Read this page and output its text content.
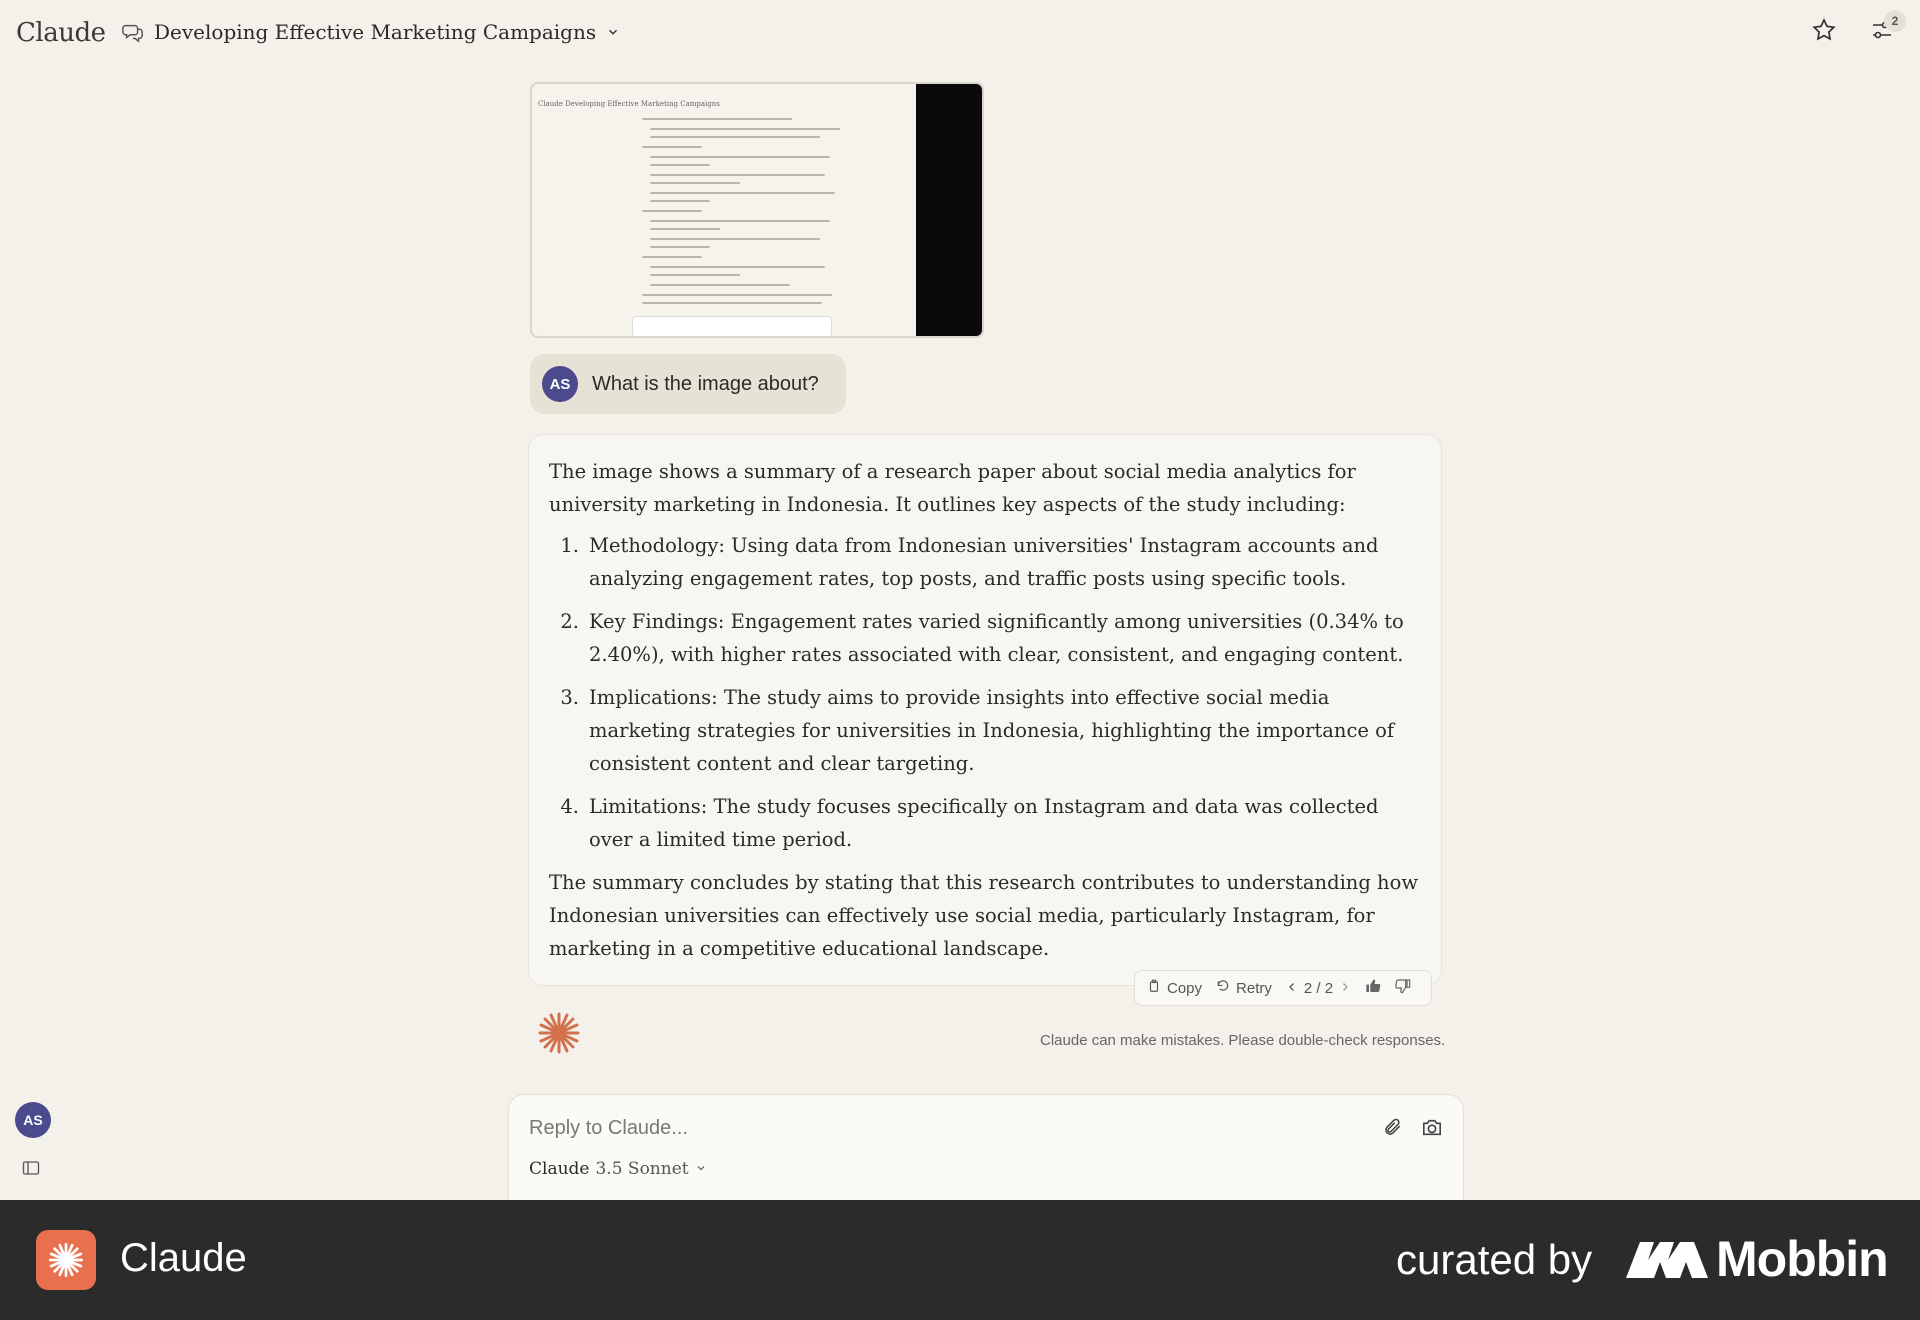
Claude Developing Effective Marketing Campaigns	2
Claude Developing Effective Marketing Campaigns
AS	What is the image about?

The image shows a summary of a research paper about social media analytics for university marketing in Indonesia. It outlines key aspects of the study including:

1. Methodology: Using data from Indonesian universities' Instagram accounts and analyzing engagement rates, top posts, and traffic posts using specific tools.
2. Key Findings: Engagement rates varied significantly among universities (0.34% to 2.40%), with higher rates associated with clear, consistent, and engaging content.
3. Implications: The study aims to provide insights into effective social media marketing strategies for universities in Indonesia, highlighting the importance of consistent content and clear targeting.
4. Limitations: The study focuses specifically on Instagram and data was collected over a limited time period.

The summary concludes by stating that this research contributes to understanding how Indonesian universities can effectively use social media, particularly Instagram, for marketing in a competitive educational landscape.

Copy Retry 2 / 2
Claude can make mistakes. Please double-check responses.
AS	Reply to Claude...
Claude 3.5 Sonnet
Claude	curated by Mobbin
